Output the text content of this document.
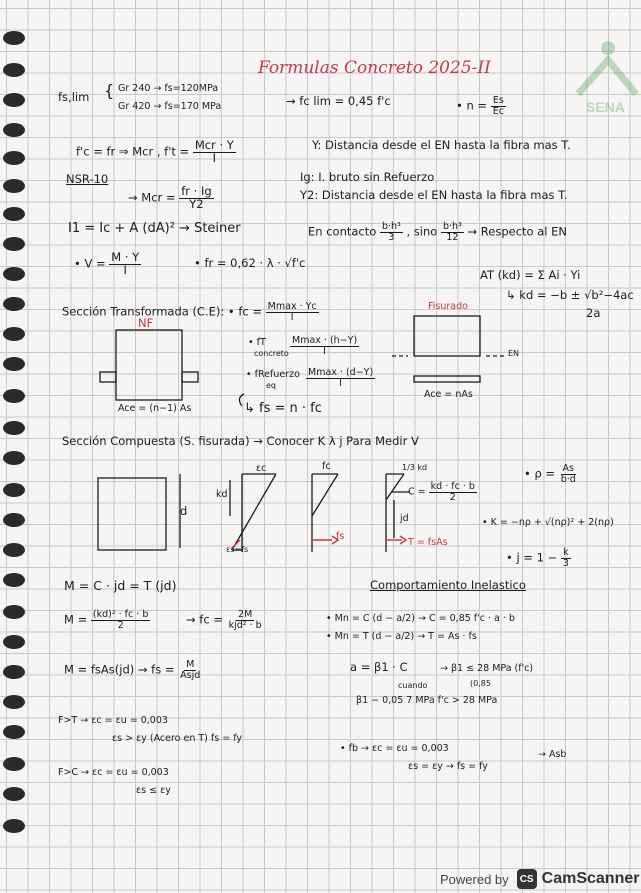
SENA
Formulas Concreto 2025-II
fs,lim { Gr 240 → fs=120MPa
Gr 420 → fs=170 MPa	→ fc lim = 0,45 f'c	• $n = \frac{Es}{Ec}$
f'c = fr ⇒ Mcr , f't = Mcr · Y
I
Y: Distancia desde el EN hasta la fibra mas T.
NSR-10
→ Mcr = $\frac{fr \cdot Ig}{Y2}$
Ig: I. bruto sin Refuerzo
Y2: Distancia desde el EN hasta la fibra mas T.
I1 = Ic + A (dA)² → Steiner	En contacto $\frac{\text{b·h³}}{3}$ , sino $\frac{\text{b·h³}}{12}$ → Respecto al EN
• $V = \frac{M \cdot Y}{I}$	• fr = 0,62 · λ · √f'c
AT (kd) = Σ Ai · Yi
↳ kd = −b ± √b²−4ac
2a
Sección Transformada (C.E): • fc = Mmax · Yc
I
Fisurado
NF
• fT
concreto
Mmax · (h−Y)
I
• fRefuerzo
eq
Mmax · (d−Y)
I
Ace = (n−1) As	↳ fs = n · fc
Ace = nAs
EN
Sección Compuesta (S. fisurada) → Conocer K λ j Para Medir V
εc	fc
kd
d
1/3 kd
$C = \frac{kd \cdot fc \cdot b}{2}$
jd
T = fsAs
fs
εs=fs
• $\rho = \frac{As}{b\cdot d}$
• K = −nρ + √(nρ)² + 2(nρ)
• $j = 1 - \frac{k}{3}$
M = C · jd = T (jd)	Comportamiento Inelastico
$M = \frac{\text{(kd)² · fc · b}}{2}$	→ fc = 2M
kjd² · b
• Mn = C (d − a/2) → C = 0,85 f'c · a · b
• Mn = T (d − a/2) → T = As · fs
M = fsAs(jd) → fs = M
Asjd
a = β1 · C
cuando
→ β1 ≤ 28 MPa (f'c)
(0,85
β1 − 0,05 7 MPa f'c > 28 MPa
F>T → εc = εu = 0,003
εs > εy (Acero en T) fs = fy
• fb → εc = εu = 0,003
εs = εy → fs = fy
→ Asb
F>C → εc = εu = 0,003
εs ≤ εy
Powered by	CS CamScanner
